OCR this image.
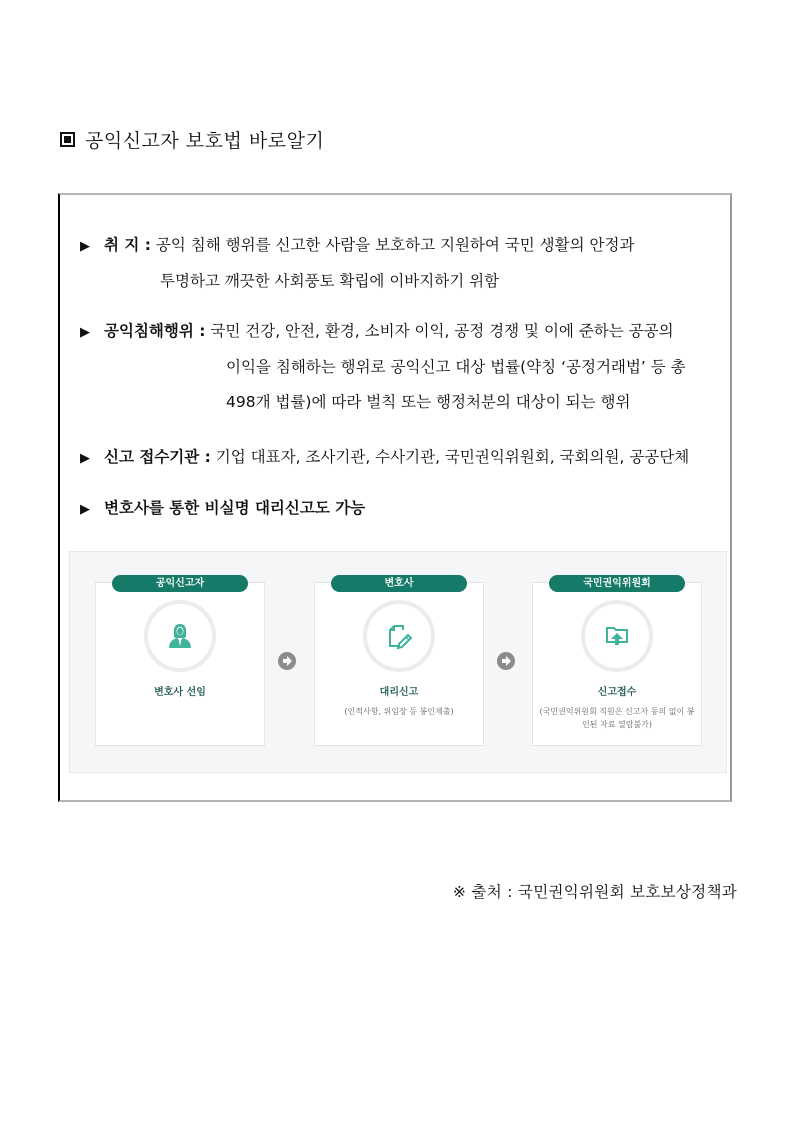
공익신고자 보호법 바로알기
▶ 취 지 : 공익 침해 행위를 신고한 사람을 보호하고 지원하여 국민 생활의 안정과
투명하고 깨끗한 사회풍토 확립에 이바지하기 위함
▶ 공익침해행위 : 국민 건강, 안전, 환경, 소비자 이익, 공정 경쟁 및 이에 준하는 공공의
이익을 침해하는 행위로 공익신고 대상 법률(약칭 ‘공정거래법’ 등 총
498개 법률)에 따라 벌칙 또는 행정처분의 대상이 되는 행위
▶ 신고 접수기관 : 기업 대표자, 조사기관, 수사기관, 국민권익위원회, 국회의원, 공공단체
▶ 변호사를 통한 비실명 대리신고도 가능
공익신고자
변호사 선임
변호사
대리신고
(인적사항, 위임장 등 봉인제출)
국민권익위원회
신고접수
(국민권익위원회 직원은 신고자 동의 없이 봉인된 자료 열람불가)
※ 출처 : 국민권익위원회 보호보상정책과
